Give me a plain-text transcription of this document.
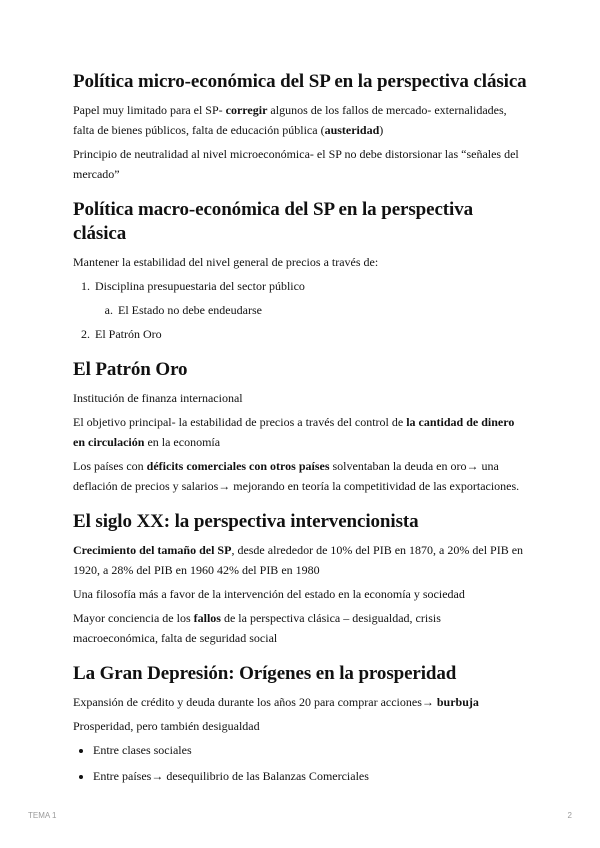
Política micro-económica del SP en la perspectiva clásica

Papel muy limitado para el SP- corregir algunos de los fallos de mercado- externalidades, falta de bienes públicos, falta de educación pública (austeridad)

Principio de neutralidad al nivel microeconómica- el SP no debe distorsionar las “señales del mercado”

Política macro-económica del SP en la perspectiva clásica

Mantener la estabilidad del nivel general de precios a través de:

1. Disciplina presupuestaria del sector público
a. El Estado no debe endeudarse
2. El Patrón Oro
El Patrón Oro

Institución de finanza internacional

El objetivo principal- la estabilidad de precios a través del control de la cantidad de dinero en circulación en la economía

Los países con déficits comerciales con otros países solventaban la deuda en oro→ una deflación de precios y salarios→ mejorando en teoría la competitividad de las exportaciones.

El siglo XX: la perspectiva intervencionista

Crecimiento del tamaño del SP, desde alrededor de 10% del PIB en 1870, a 20% del PIB en 1920, a 28% del PIB en 1960 42% del PIB en 1980

Una filosofía más a favor de la intervención del estado en la economía y sociedad

Mayor conciencia de los fallos de la perspectiva clásica – desigualdad, crisis macroeconómica, falta de seguridad social

La Gran Depresión: Orígenes en la prosperidad

Expansión de crédito y deuda durante los años 20 para comprar acciones→ burbuja

Prosperidad, pero también desigualdad

• Entre clases sociales
• Entre países→ desequilibrio de las Balanzas Comerciales
TEMA 1	2
